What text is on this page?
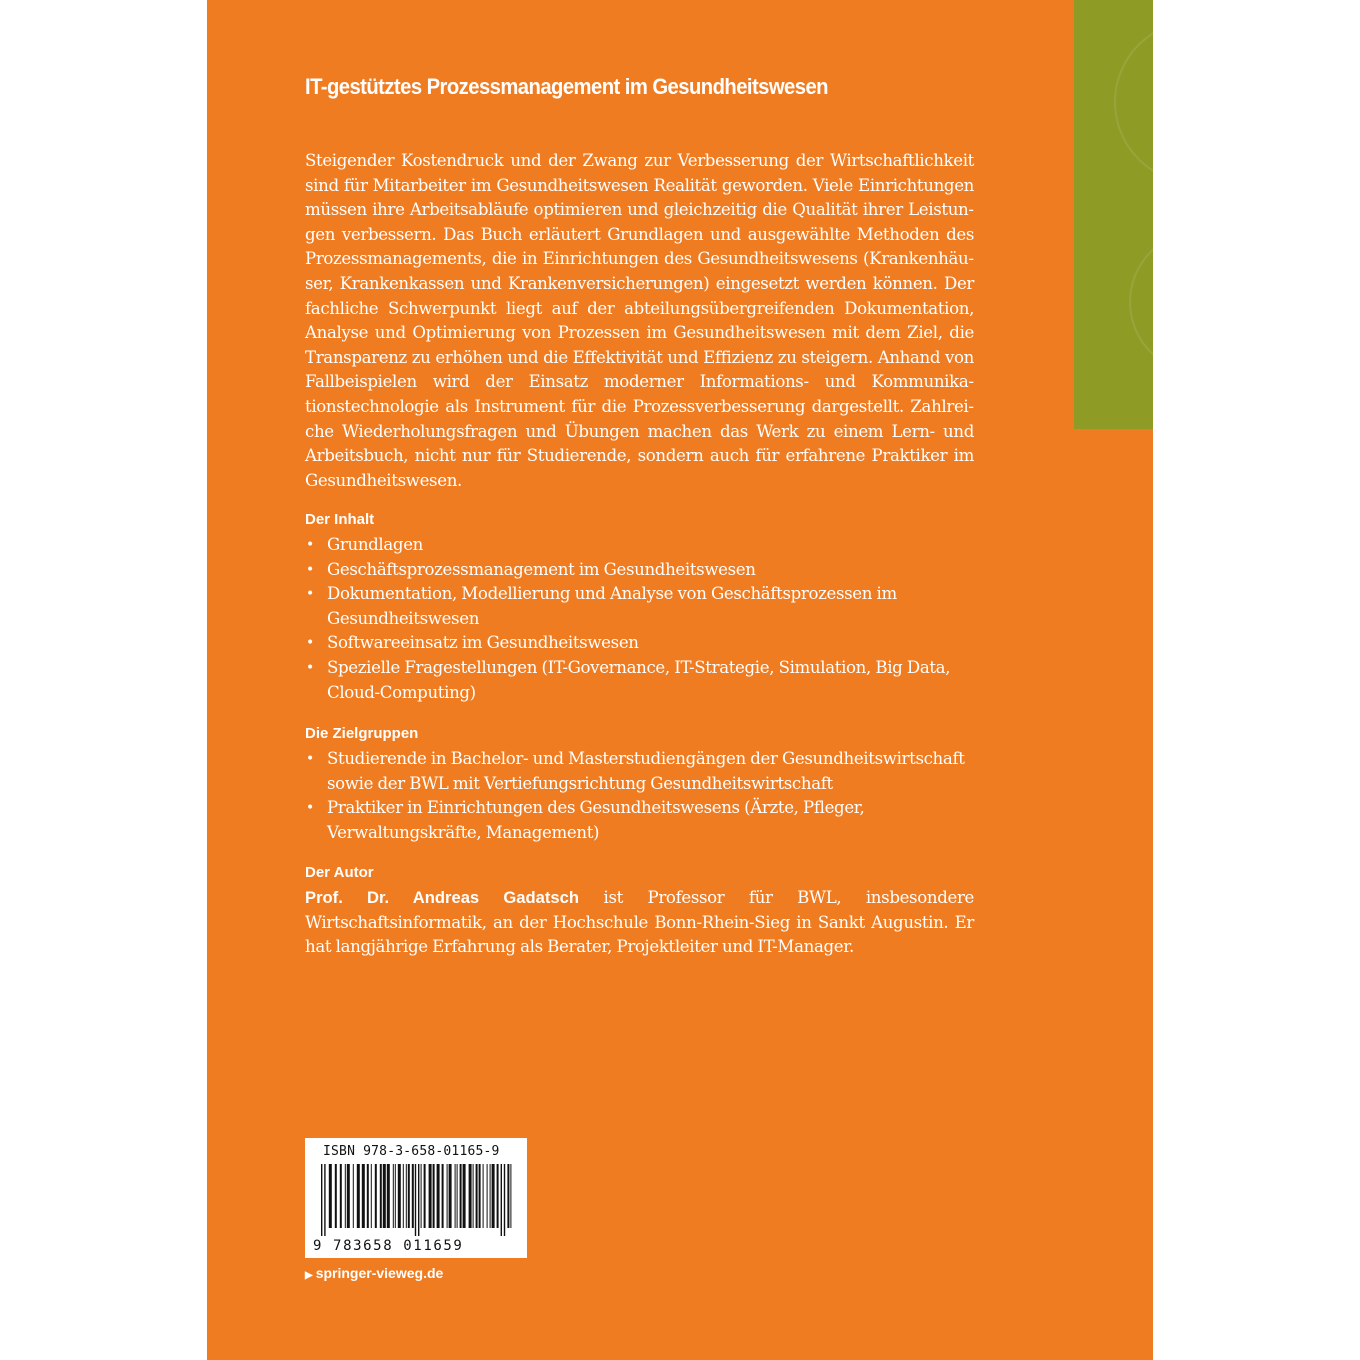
IT-gestütztes Prozessmanagement im Gesundheitswesen

Steigender Kostendruck und der Zwang zur Verbesserung der Wirtschaftlichkeit sind für Mitarbeiter im Gesundheitswesen Realität geworden. Viele Einrichtungen müssen ihre Arbeitsabläufe optimieren und gleichzeitig die Qualität ihrer Leistungen verbessern. Das Buch erläutert Grundlagen und ausgewählte Methoden des Prozessmanagements, die in Einrichtungen des Gesundheitswesens (Krankenhäuser, Krankenkassen und Krankenversicherungen) eingesetzt werden können. Der fachliche Schwerpunkt liegt auf der abteilungsübergreifenden Dokumentation, Analyse und Optimierung von Prozessen im Gesundheitswesen mit dem Ziel, die Transparenz zu erhöhen und die Effektivität und Effizienz zu steigern. Anhand von Fallbeispielen wird der Einsatz moderner Informations- und Kommunikationstechnologie als Instrument für die Prozessverbesserung dargestellt. Zahlreiche Wiederholungsfragen und Übungen machen das Werk zu einem Lern- und Arbeitsbuch, nicht nur für Studierende, sondern auch für erfahrene Praktiker im Gesundheitswesen.

Der Inhalt
• Grundlagen
• Geschäftsprozessmanagement im Gesundheitswesen
• Dokumentation, Modellierung und Analyse von Geschäftsprozessen im Gesundheitswesen
• Softwareeinsatz im Gesundheitswesen
• Spezielle Fragestellungen (IT-Governance, IT-Strategie, Simulation, Big Data, Cloud-Computing)
Die Zielgruppen
• Studierende in Bachelor- und Masterstudiengängen der Gesundheitswirtschaft sowie der BWL mit Vertiefungsrichtung Gesundheitswirtschaft
• Praktiker in Einrichtungen des Gesundheitswesens (Ärzte, Pfleger, Verwaltungskräfte, Management)
Der Autor

Prof. Dr. Andreas Gadatsch ist Professor für BWL, insbesondere Wirtschaftsinformatik, an der Hochschule Bonn-Rhein-Sieg in Sankt Augustin. Er hat langjährige Erfahrung als Berater, Projektleiter und IT-Manager.

ISBN 978-3-658-01165-9
9 783658 011659
▶ springer-vieweg.de
